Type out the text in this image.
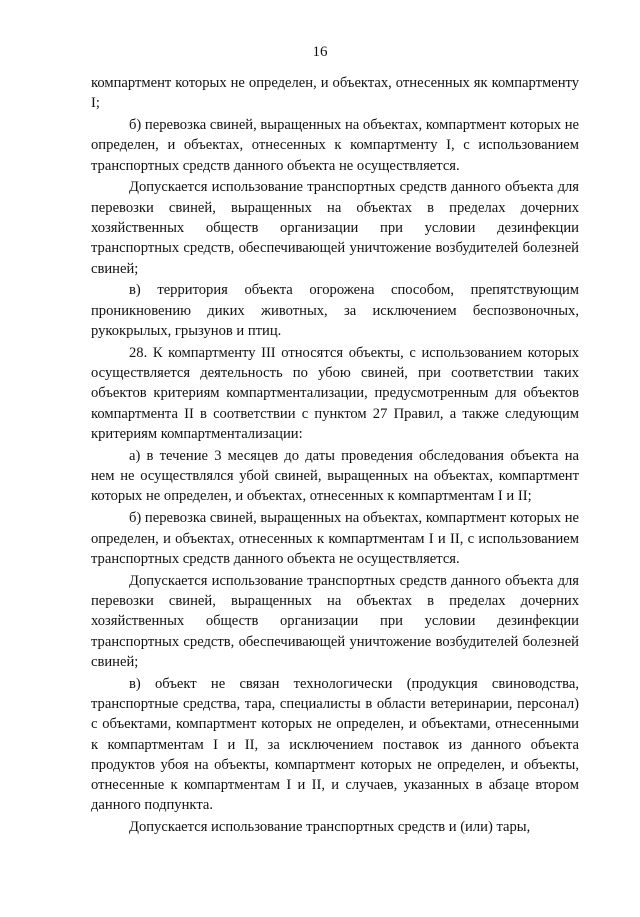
16

компартмент которых не определен, и объектах, отнесенных як компартменту I;

б) перевозка свиней, выращенных на объектах, компартмент которых не определен, и объектах, отнесенных к компартменту I, с использованием транспортных средств данного объекта не осуществляется.

Допускается использование транспортных средств данного объекта для перевозки свиней, выращенных на объектах в пределах дочерних хозяйственных обществ организации при условии дезинфекции транспортных средств, обеспечивающей уничтожение возбудителей болезней свиней;

в) территория объекта огорожена способом, препятствующим проникновению диких животных, за исключением беспозвоночных, рукокрылых, грызунов и птиц.

28. К компартменту III относятся объекты, с использованием которых осуществляется деятельность по убою свиней, при соответствии таких объектов критериям компартментализации, предусмотренным для объектов компартмента II в соответствии с пунктом 27 Правил, а также следующим критериям компартментализации:

а) в течение 3 месяцев до даты проведения обследования объекта на нем не осуществлялся убой свиней, выращенных на объектах, компартмент которых не определен, и объектах, отнесенных к компартментам I и II;

б) перевозка свиней, выращенных на объектах, компартмент которых не определен, и объектах, отнесенных к компартментам I и II, с использованием транспортных средств данного объекта не осуществляется.

Допускается использование транспортных средств данного объекта для перевозки свиней, выращенных на объектах в пределах дочерних хозяйственных обществ организации при условии дезинфекции транспортных средств, обеспечивающей уничтожение возбудителей болезней свиней;

в) объект не связан технологически (продукция свиноводства, транспортные средства, тара, специалисты в области ветеринарии, персонал) с объектами, компартмент которых не определен, и объектами, отнесенными к компартментам I и II, за исключением поставок из данного объекта продуктов убоя на объекты, компартмент которых не определен, и объекты, отнесенные к компартментам I и II, и случаев, указанных в абзаце втором данного подпункта.

Допускается использование транспортных средств и (или) тары,
